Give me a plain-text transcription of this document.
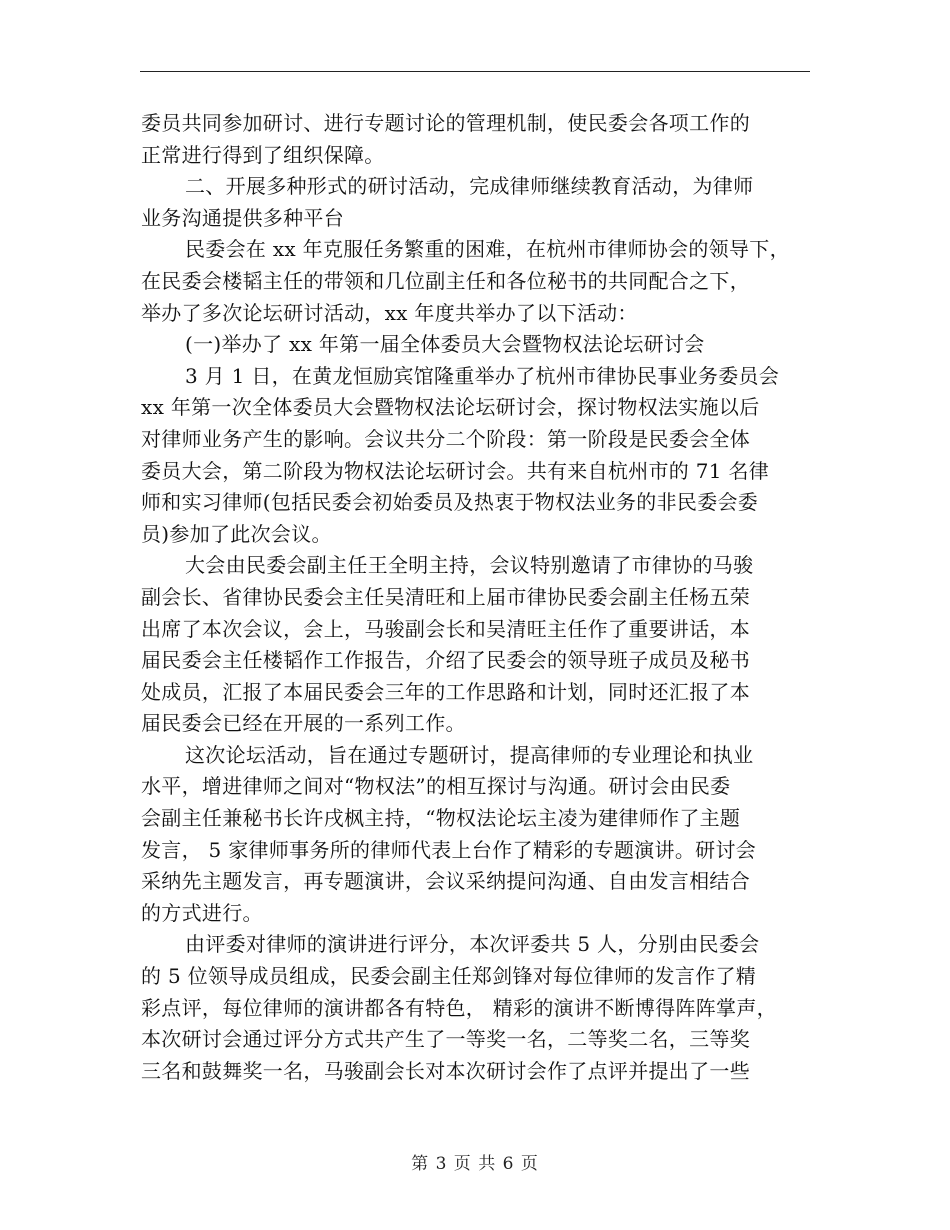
委员共同参加研讨、进行专题讨论的管理机制，使民委会各项工作的
正常进行得到了组织保障。
二、开展多种形式的研讨活动，完成律师继续教育活动，为律师
业务沟通提供多种平台
民委会在 xx 年克服任务繁重的困难，在杭州市律师协会的领导下，
在民委会楼韬主任的带领和几位副主任和各位秘书的共同配合之下，
举办了多次论坛研讨活动，xx 年度共举办了以下活动：
(一)举办了 xx 年第一届全体委员大会暨物权法论坛研讨会
3 月 1 日，在黄龙恒励宾馆隆重举办了杭州市律协民事业务委员会
xx 年第一次全体委员大会暨物权法论坛研讨会，探讨物权法实施以后
对律师业务产生的影响。会议共分二个阶段：第一阶段是民委会全体
委员大会，第二阶段为物权法论坛研讨会。共有来自杭州市的 71 名律
师和实习律师(包括民委会初始委员及热衷于物权法业务的非民委会委
员)参加了此次会议。
大会由民委会副主任王全明主持，会议特别邀请了市律协的马骏
副会长、省律协民委会主任吴清旺和上届市律协民委会副主任杨五荣
出席了本次会议，会上，马骏副会长和吴清旺主任作了重要讲话，本
届民委会主任楼韬作工作报告，介绍了民委会的领导班子成员及秘书
处成员，汇报了本届民委会三年的工作思路和计划，同时还汇报了本
届民委会已经在开展的一系列工作。
这次论坛活动，旨在通过专题研讨，提高律师的专业理论和执业
水平，增进律师之间对“物权法”的相互探讨与沟通。研讨会由民委
会副主任兼秘书长许戌枫主持，“物权法论坛主凌为建律师作了主题
发言， 5 家律师事务所的律师代表上台作了精彩的专题演讲。研讨会
采纳先主题发言，再专题演讲，会议采纳提问沟通、自由发言相结合
的方式进行。
由评委对律师的演讲进行评分，本次评委共 5 人，分别由民委会
的 5 位领导成员组成，民委会副主任郑剑锋对每位律师的发言作了精
彩点评，每位律师的演讲都各有特色， 精彩的演讲不断博得阵阵掌声，
本次研讨会通过评分方式共产生了一等奖一名，二等奖二名，三等奖
三名和鼓舞奖一名，马骏副会长对本次研讨会作了点评并提出了一些
第 3 页 共 6 页
